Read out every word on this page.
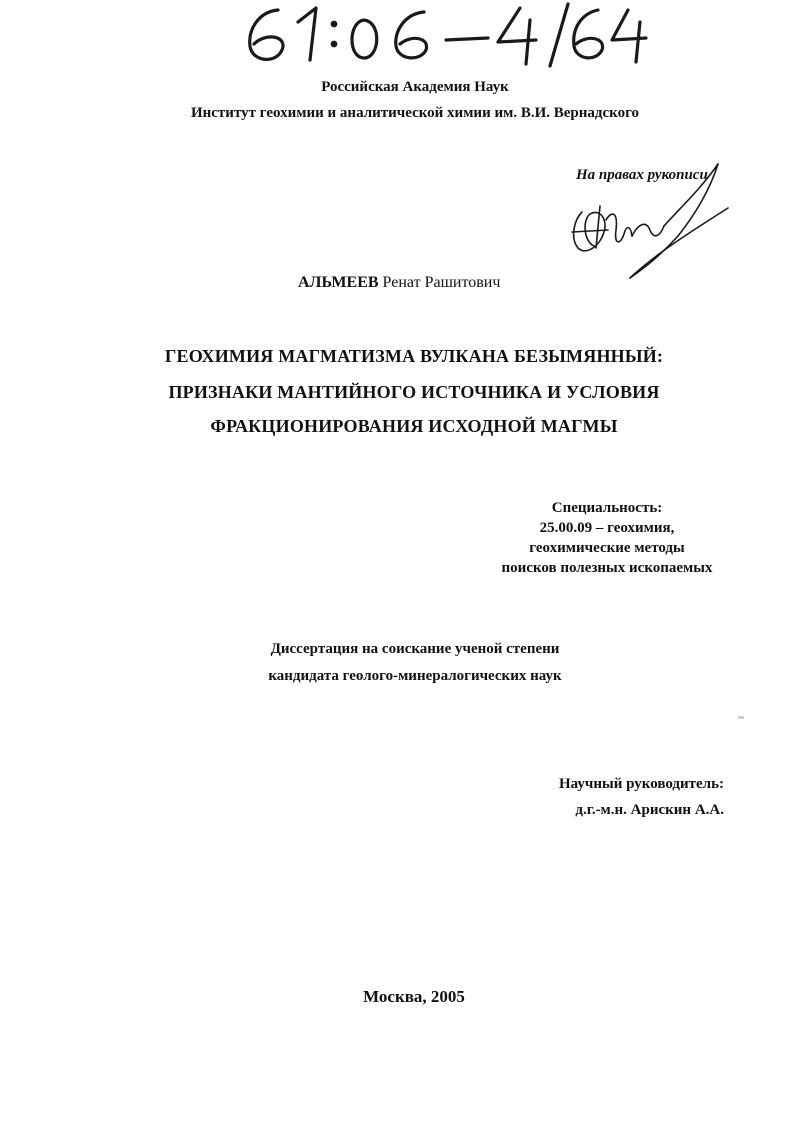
Российская Академия Наук
Институт геохимии и аналитической химии им. В.И. Вернадского
На правах рукописи
АЛЬМЕЕВ Ренат Рашитович
ГЕОХИМИЯ МАГМАТИЗМА ВУЛКАНА БЕЗЫМЯННЫЙ:
ПРИЗНАКИ МАНТИЙНОГО ИСТОЧНИКА И УСЛОВИЯ
ФРАКЦИОНИРОВАНИЯ ИСХОДНОЙ МАГМЫ
Специальность:
25.00.09 – геохимия,
геохимические методы
поисков полезных ископаемых
Диссертация на соискание ученой степени
кандидата геолого-минералогических наук
Научный руководитель:
д.г.-м.н. Арискин А.А.
Москва, 2005
